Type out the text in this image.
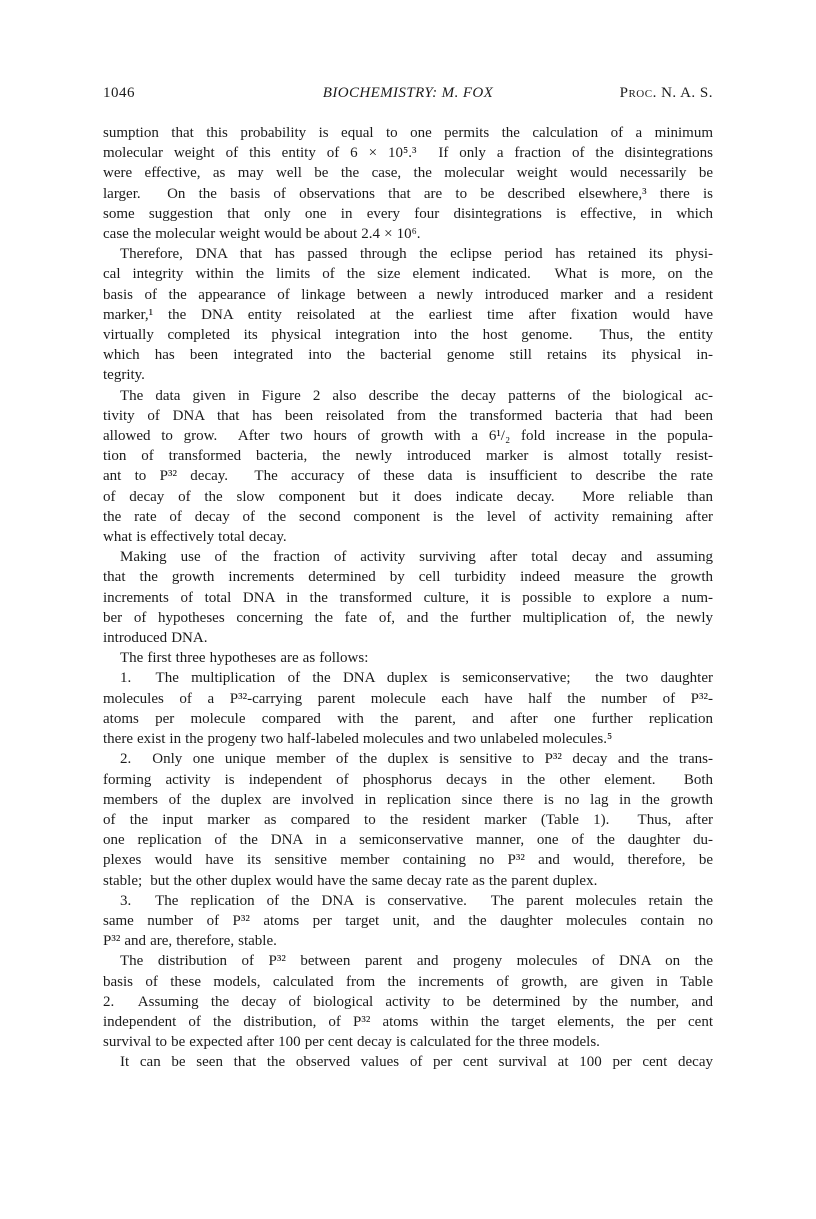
1046	BIOCHEMISTRY: M. FOX	Proc. N. A. S.
sumption that this probability is equal to one permits the calculation of a minimum
molecular weight of this entity of 6 × 10⁵.³  If only a fraction of the disintegrations
were effective, as may well be the case, the molecular weight would necessarily be
larger.  On the basis of observations that are to be described elsewhere,³ there is
some suggestion that only one in every four disintegrations is effective, in which
case the molecular weight would be about 2.4 × 10⁶.
Therefore, DNA that has passed through the eclipse period has retained its physi-
cal integrity within the limits of the size element indicated.  What is more, on the
basis of the appearance of linkage between a newly introduced marker and a resident
marker,¹ the DNA entity reisolated at the earliest time after fixation would have
virtually completed its physical integration into the host genome.  Thus, the entity
which has been integrated into the bacterial genome still retains its physical in-
tegrity.
The data given in Figure 2 also describe the decay patterns of the biological ac-
tivity of DNA that has been reisolated from the transformed bacteria that had been
allowed to grow.  After two hours of growth with a 6¹/₂ fold increase in the popula-
tion of transformed bacteria, the newly introduced marker is almost totally resist-
ant to P³² decay.  The accuracy of these data is insufficient to describe the rate
of decay of the slow component but it does indicate decay.  More reliable than
the rate of decay of the second component is the level of activity remaining after
what is effectively total decay.
Making use of the fraction of activity surviving after total decay and assuming
that the growth increments determined by cell turbidity indeed measure the growth
increments of total DNA in the transformed culture, it is possible to explore a num-
ber of hypotheses concerning the fate of, and the further multiplication of, the newly
introduced DNA.
The first three hypotheses are as follows:
1.  The multiplication of the DNA duplex is semiconservative;  the two daughter
molecules of a P³²-carrying parent molecule each have half the number of P³²-
atoms per molecule compared with the parent, and after one further replication
there exist in the progeny two half-labeled molecules and two unlabeled molecules.⁵
2.  Only one unique member of the duplex is sensitive to P³² decay and the trans-
forming activity is independent of phosphorus decays in the other element.  Both
members of the duplex are involved in replication since there is no lag in the growth
of the input marker as compared to the resident marker (Table 1).  Thus, after
one replication of the DNA in a semiconservative manner, one of the daughter du-
plexes would have its sensitive member containing no P³² and would, therefore, be
stable;  but the other duplex would have the same decay rate as the parent duplex.
3.  The replication of the DNA is conservative.  The parent molecules retain the
same number of P³² atoms per target unit, and the daughter molecules contain no
P³² and are, therefore, stable.
The distribution of P³² between parent and progeny molecules of DNA on the
basis of these models, calculated from the increments of growth, are given in Table
2.  Assuming the decay of biological activity to be determined by the number, and
independent of the distribution, of P³² atoms within the target elements, the per cent
survival to be expected after 100 per cent decay is calculated for the three models.
It can be seen that the observed values of per cent survival at 100 per cent decay
